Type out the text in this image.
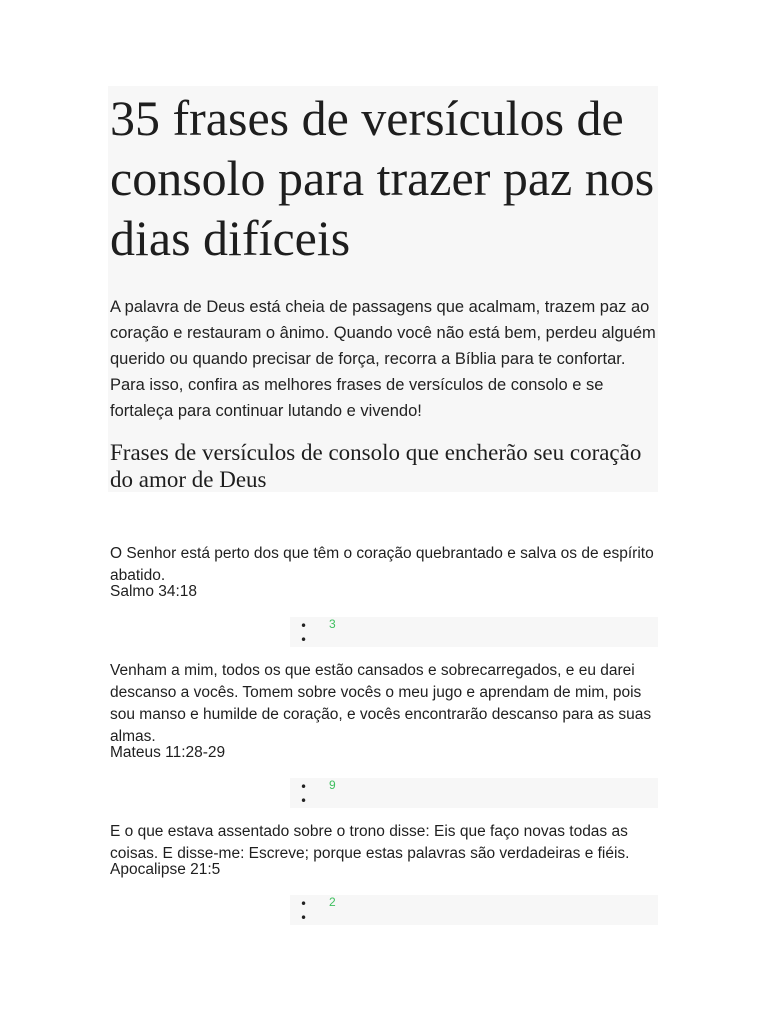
35 frases de versículos de consolo para trazer paz nos dias difíceis

A palavra de Deus está cheia de passagens que acalmam, trazem paz ao coração e restauram o ânimo. Quando você não está bem, perdeu alguém querido ou quando precisar de força, recorra a Bíblia para te confortar. Para isso, confira as melhores frases de versículos de consolo e se fortaleça para continuar lutando e vivendo!

Frases de versículos de consolo que encherão seu coração do amor de Deus

O Senhor está perto dos que têm o coração quebrantado e salva os de espírito abatido.

Salmo 34:18

• 3
•

Venham a mim, todos os que estão cansados e sobrecarregados, e eu darei descanso a vocês. Tomem sobre vocês o meu jugo e aprendam de mim, pois sou manso e humilde de coração, e vocês encontrarão descanso para as suas almas.

Mateus 11:28-29

• 9
•

E o que estava assentado sobre o trono disse: Eis que faço novas todas as coisas. E disse-me: Escreve; porque estas palavras são verdadeiras e fiéis.

Apocalipse 21:5

• 2
•
